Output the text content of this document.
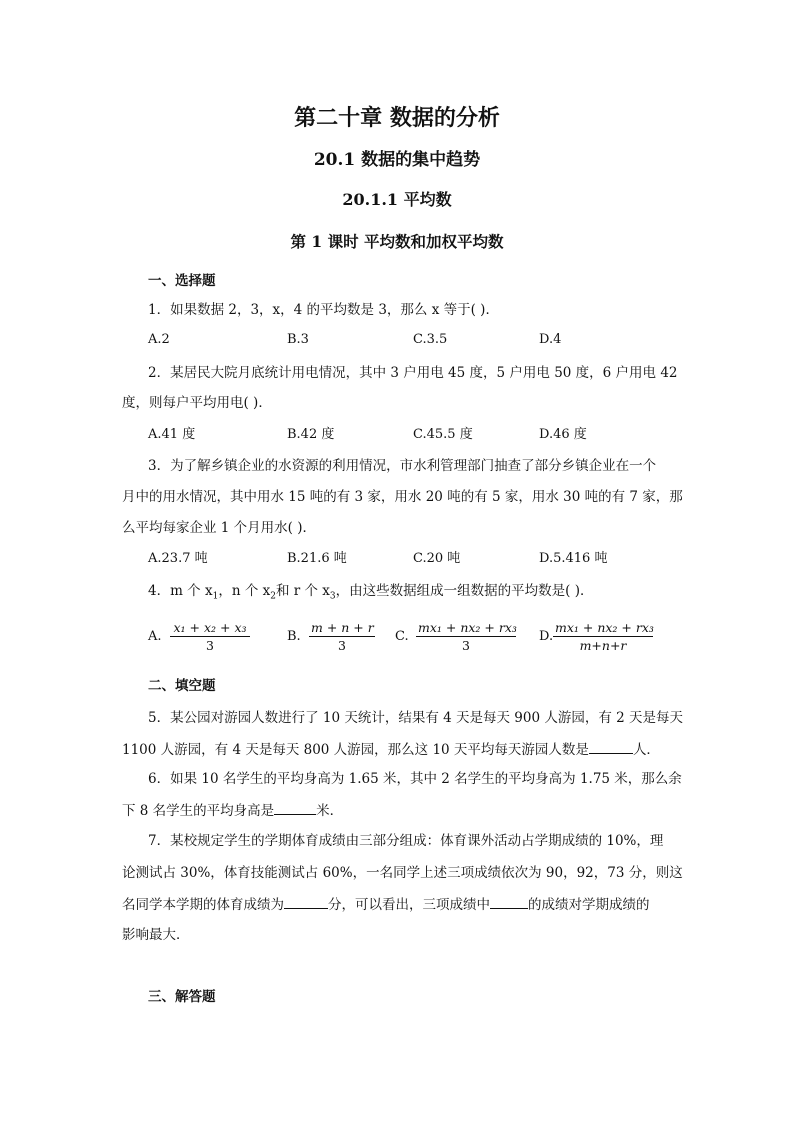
第二十章 数据的分析
20.1 数据的集中趋势
20.1.1 平均数
第 1 课时 平均数和加权平均数
一、选择题
1．如果数据 2，3，x，4 的平均数是 3，那么 x 等于( )．
A.2	B.3	C.3.5	D.4
2．某居民大院月底统计用电情况，其中 3 户用电 45 度，5 户用电 50 度，6 户用电 42
度，则每户平均用电( )．
A.41 度	B.42 度	C.45.5 度	D.46 度
3．为了解乡镇企业的水资源的利用情况，市水利管理部门抽查了部分乡镇企业在一个
月中的用水情况，其中用水 15 吨的有 3 家，用水 20 吨的有 5 家，用水 30 吨的有 7 家，那
么平均每家企业 1 个月用水( )．
A.23.7 吨	B.21.6 吨	C.20 吨	D.5.416 吨
4．m 个 $x_1$，n 个 $x_2$和 r 个 $x_3$，由这些数据组成一组数据的平均数是( )．
A. $\frac{\text{x₁ + x₂ + x₃}}{3}$	B. $\frac{m + n + r}{3} C$. $\frac{\text{mx₁ + nx₂ + rx₃}}{3} D$. $\frac{\text{mx₁ + nx₂ + rx₃}}{m+n+r}$
二、填空题
5．某公园对游园人数进行了 10 天统计，结果有 4 天是每天 900 人游园，有 2 天是每天
1100 人游园，有 4 天是每天 800 人游园，那么这 10 天平均每天游园人数是	人．
6．如果 10 名学生的平均身高为 1.65 米，其中 2 名学生的平均身高为 1.75 米，那么余
下 8 名学生的平均身高是	米．
7．某校规定学生的学期体育成绩由三部分组成：体育课外活动占学期成绩的 10%，理
论测试占 30%，体育技能测试占 60%，一名同学上述三项成绩依次为 90，92，73 分，则这
名同学本学期的体育成绩为	分，可以看出，三项成绩中	的成绩对学期成绩的
影响最大．
三、解答题
